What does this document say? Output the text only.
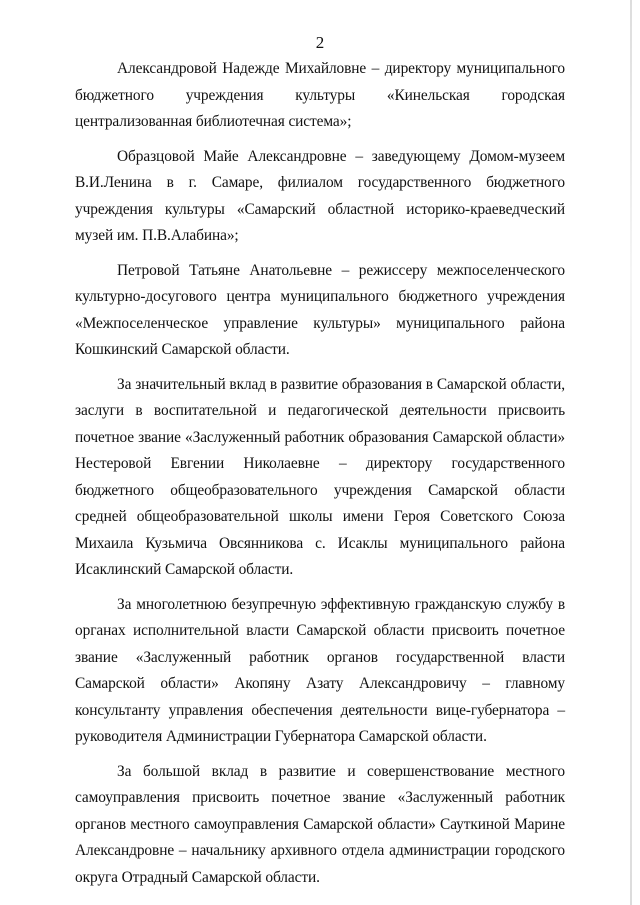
2

Александровой Надежде Михайловне – директору муниципального бюджетного учреждения культуры «Кинельская городская централизованная библиотечная система»;

Образцовой Майе Александровне – заведующему Домом-музеем В.И.Ленина в г. Самаре, филиалом государственного бюджетного учреждения культуры «Самарский областной историко-краеведческий музей им. П.В.Алабина»;

Петровой Татьяне Анатольевне – режиссеру межпоселенческого культурно-досугового центра муниципального бюджетного учреждения «Межпоселенческое управление культуры» муниципального района Кошкинский Самарской области.

За значительный вклад в развитие образования в Самарской области, заслуги в воспитательной и педагогической деятельности присвоить почетное звание «Заслуженный работник образования Самарской области» Нестеровой Евгении Николаевне – директору государственного бюджетного общеобразовательного учреждения Самарской области средней общеобразовательной школы имени Героя Советского Союза Михаила Кузьмича Овсянникова с. Исаклы муниципального района Исаклинский Самарской области.

За многолетнюю безупречную эффективную гражданскую службу в органах исполнительной власти Самарской области присвоить почетное звание «Заслуженный работник органов государственной власти Самарской области» Акопяну Азату Александровичу – главному консультанту управления обеспечения деятельности вице-губернатора – руководителя Администрации Губернатора Самарской области.

За большой вклад в развитие и совершенствование местного самоуправления присвоить почетное звание «Заслуженный работник органов местного самоуправления Самарской области» Сауткиной Марине Александровне – начальнику архивного отдела администрации городского округа Отрадный Самарской области.
